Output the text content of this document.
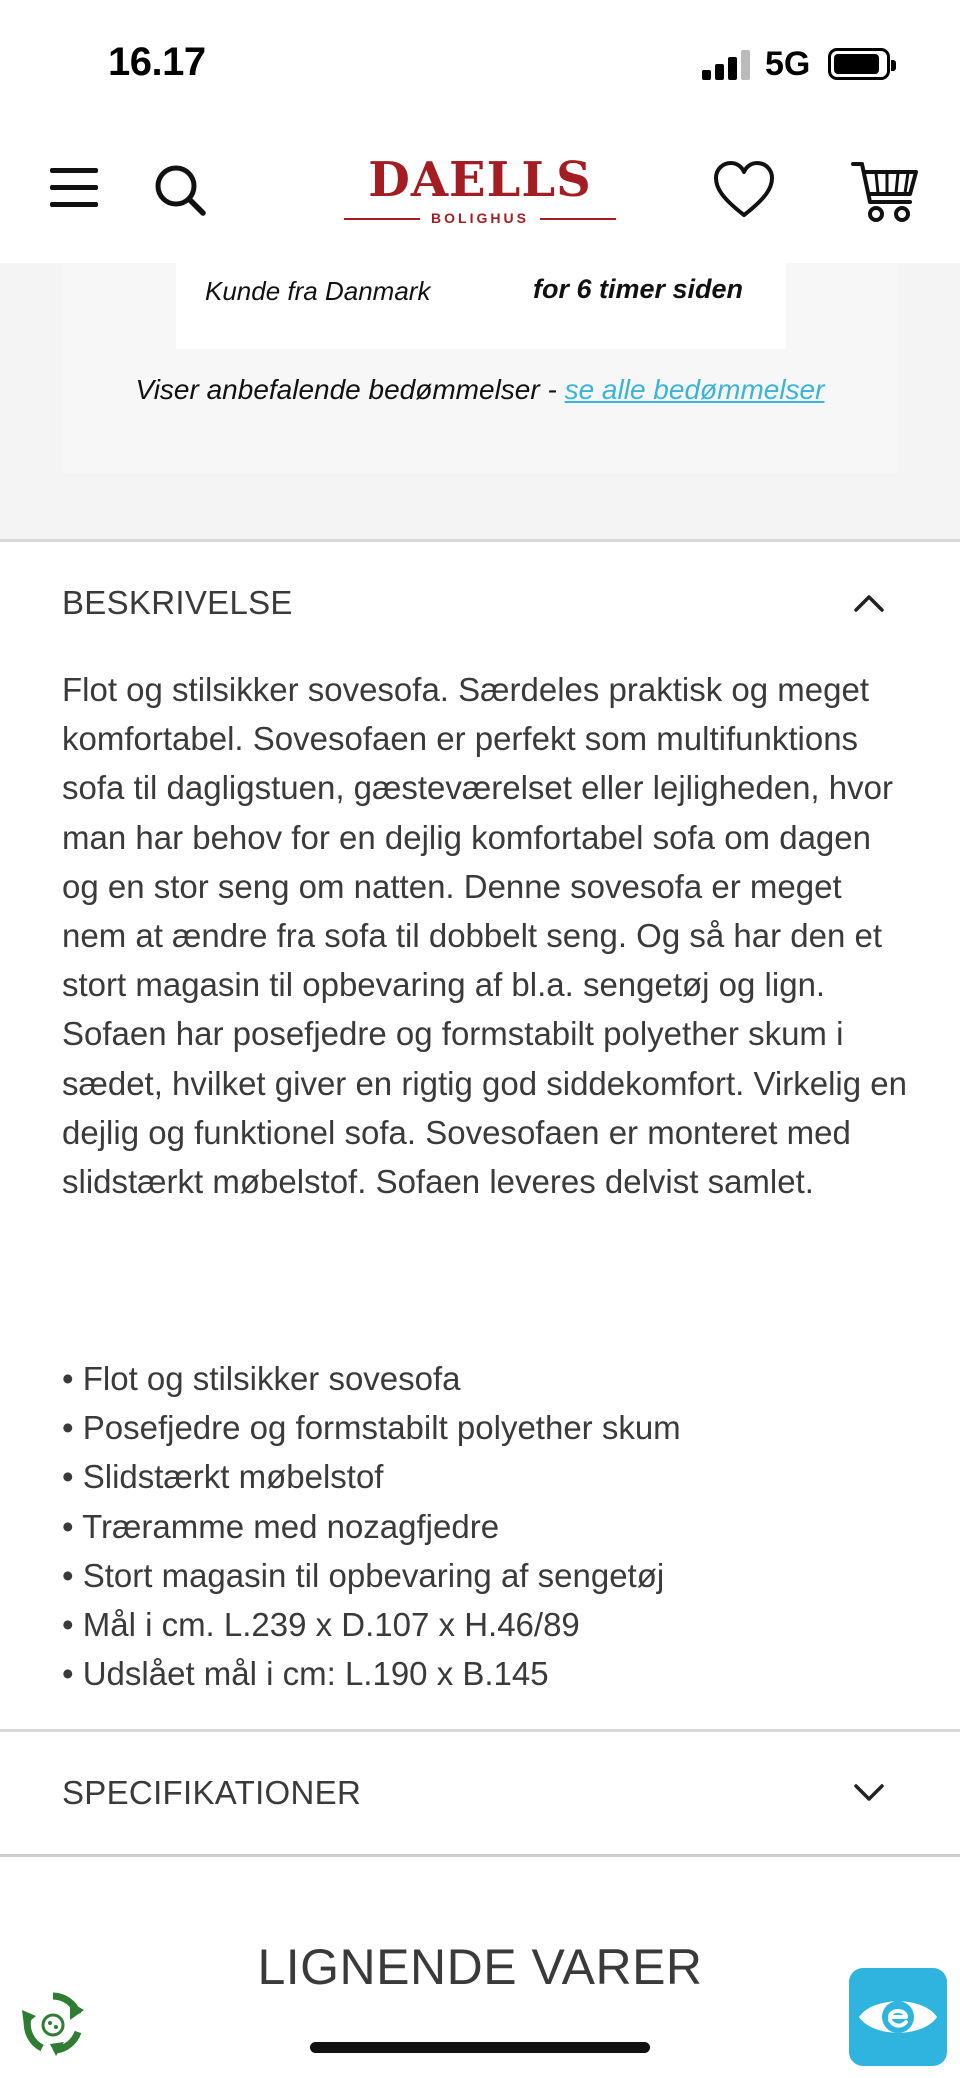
16.17	5G
DAELLS
BOLIGHUS
Kunde fra Danmark	for 6 timer siden
Viser anbefalende bedømmelser - se alle bedømmelser
BESKRIVELSE
Flot og stilsikker sovesofa. Særdeles praktisk og meget komfortabel. Sovesofaen er perfekt som multifunktions sofa til dagligstuen, gæsteværelset eller lejligheden, hvor man har behov for en dejlig komfortabel sofa om dagen og en stor seng om natten. Denne sovesofa er meget nem at ændre fra sofa til dobbelt seng. Og så har den et stort magasin til opbevaring af bl.a. sengetøj og lign. Sofaen har posefjedre og formstabilt polyether skum i sædet, hvilket giver en rigtig god siddekomfort. Virkelig en dejlig og funktionel sofa. Sovesofaen er monteret med slidstærkt møbelstof. Sofaen leveres delvist samlet.
• Flot og stilsikker sovesofa
• Posefjedre og formstabilt polyether skum
• Slidstærkt møbelstof
• Træramme med nozagfjedre
• Stort magasin til opbevaring af sengetøj
• Mål i cm. L.239 x D.107 x H.46/89
• Udslået mål i cm: L.190 x B.145
SPECIFIKATIONER
LIGNENDE VARER
